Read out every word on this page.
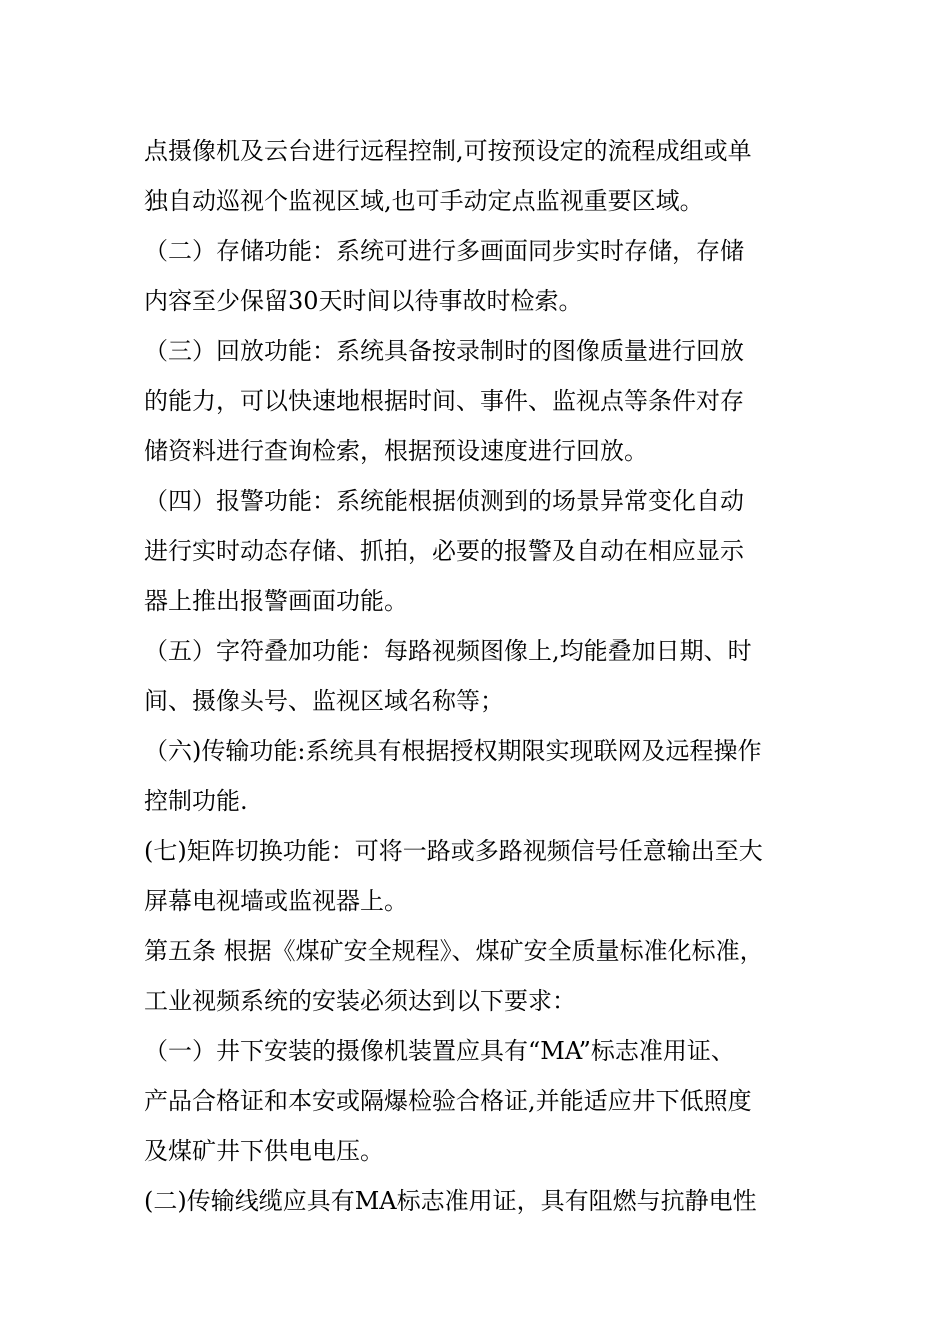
点摄像机及云台进行远程控制,可按预设定的流程成组或单
独自动巡视个监视区域,也可手动定点监视重要区域。
（二）存储功能：系统可进行多画面同步实时存储，存储
内容至少保留30天时间以待事故时检索。
（三）回放功能：系统具备按录制时的图像质量进行回放
的能力，可以快速地根据时间、事件、监视点等条件对存
储资料进行查询检索，根据预设速度进行回放。
（四）报警功能：系统能根据侦测到的场景异常变化自动
进行实时动态存储、抓拍，必要的报警及自动在相应显示
器上推出报警画面功能。
（五）字符叠加功能：每路视频图像上,均能叠加日期、时
间、摄像头号、监视区域名称等；
（六)传输功能:系统具有根据授权期限实现联网及远程操作
控制功能.
(七)矩阵切换功能：可将一路或多路视频信号任意输出至大
屏幕电视墙或监视器上。
第五条 根据《煤矿安全规程》、煤矿安全质量标准化标准，
工业视频系统的安装必须达到以下要求：
（一）井下安装的摄像机装置应具有“MA”标志准用证、
产品合格证和本安或隔爆检验合格证,并能适应井下低照度
及煤矿井下供电电压。
(二)传输线缆应具有MA标志准用证，具有阻燃与抗静电性
